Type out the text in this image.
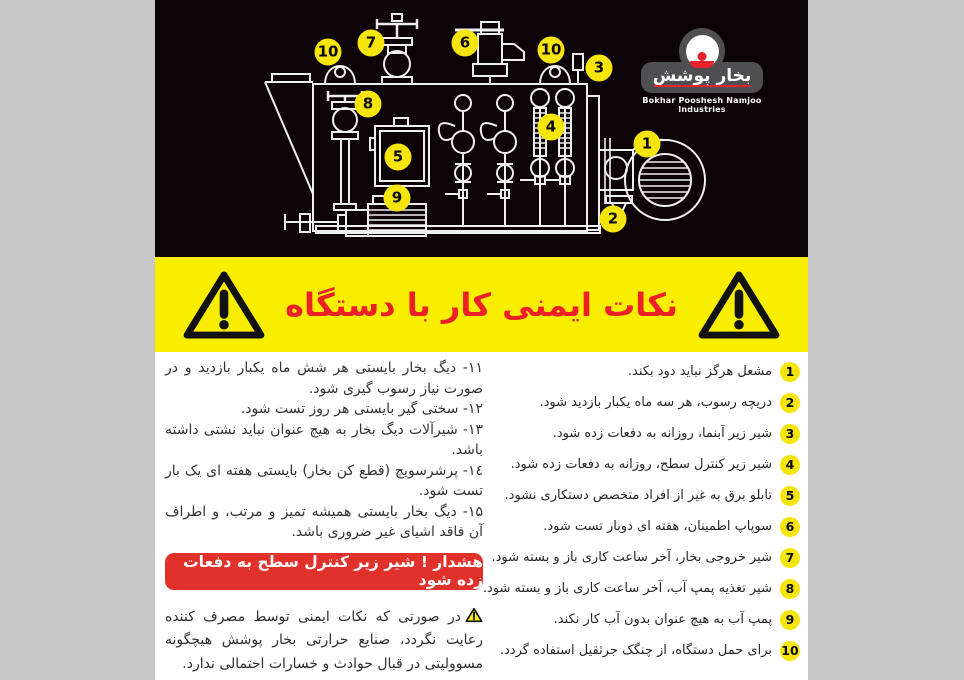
10	7	6	10
3
8
5
9
4
1
2
بخار پوشش
Bokhar Pooshesh Namjoo Industries
نکات ایمنی کار با دستگاه
1
مشعل هرگز نباید دود بکند.
2
دریچه رسوب، هر سه ماه یکبار بازدید شود.
3
شیر زیر آبنما، روزانه به دفعات زده شود.
4
شیر زیر کنترل سطح، روزانه به دفعات زده شود.
5
تابلو برق به غیر از افراد متخصص دستکاری نشود.
6
سوپاپ اطمینان، هفته ای دوبار تست شود.
7
شیر خروجی بخار، آخر ساعت کاری باز و بسته شود.
8
شیر تغذیه پمپ آب، آخر ساعت کاری باز و بسته شود.
9
پمپ آب به هیچ عنوان بدون آب کار نکند.
10
برای حمل دستگاه، از چنگک جرثقیل استفاده گردد.

۱۱- دیگ بخار بایستی هر شش ماه یکبار بازدید و در صورت نیاز رسوب گیری شود.

۱۲- سختی گیر بایستی هر روز تست شود.

۱۳- شیرآلات دیگ بخار به هیچ عنوان نباید نشتی داشته باشد.

١٤- پرشرسویچ (قطع کن بخار) بایستی هفته ای یک بار تست شود.

۱۵- دیگ بخار بایستی همیشه تمیز و مرتب، و اطراف آن فاقد اشیای غیر ضروری باشد.

هشدار ! شیر زیر کنترل سطح به دفعات زده شود

در صورتی که نکات ایمنی توسط مصرف کننده رعایت نگردد، صنایع حرارتی بخار پوشش هیچگونه مسوولیتی در قبال حوادث و خسارات احتمالی ندارد.
